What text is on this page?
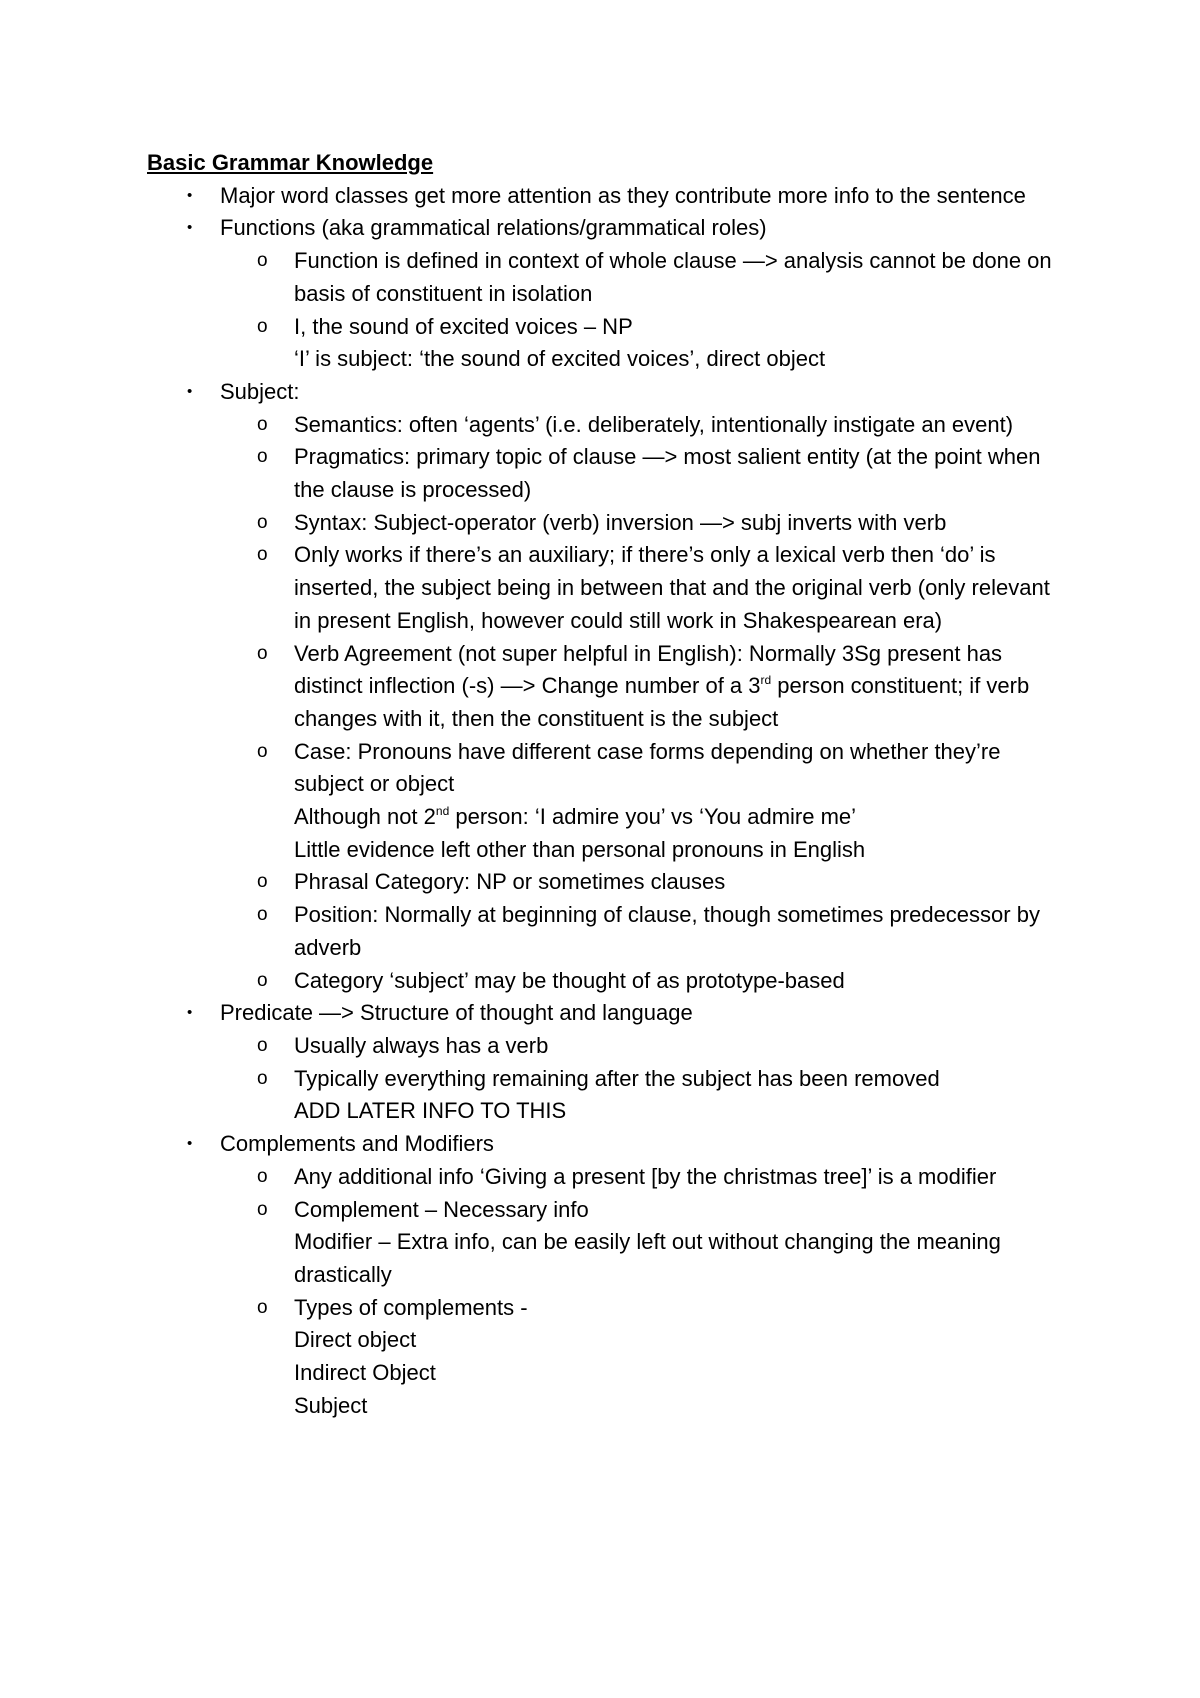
Basic Grammar Knowledge
• Major word classes get more attention as they contribute more info to the sentence
• Functions (aka grammatical relations/grammatical roles)
o Function is defined in context of whole clause —> analysis cannot be done on basis of constituent in isolation
o I, the sound of excited voices – NP
‘I’ is subject: ‘the sound of excited voices’, direct object
• Subject:
o Semantics: often ‘agents’ (i.e. deliberately, intentionally instigate an event)
o Pragmatics: primary topic of clause —> most salient entity (at the point when the clause is processed)
o Syntax: Subject-operator (verb) inversion —> subj inverts with verb
o Only works if there’s an auxiliary; if there’s only a lexical verb then ‘do’ is inserted, the subject being in between that and the original verb (only relevant in present English, however could still work in Shakespearean era)
o Verb Agreement (not super helpful in English): Normally 3Sg present has distinct inflection (-s) —> Change number of a 3rd person constituent; if verb changes with it, then the constituent is the subject
o Case: Pronouns have different case forms depending on whether they’re subject or object
Although not 2nd person: ‘I admire you’ vs ‘You admire me’
Little evidence left other than personal pronouns in English
o Phrasal Category: NP or sometimes clauses
o Position: Normally at beginning of clause, though sometimes predecessor by adverb
o Category ‘subject’ may be thought of as prototype-based
• Predicate —> Structure of thought and language
o Usually always has a verb
o Typically everything remaining after the subject has been removed
ADD LATER INFO TO THIS
• Complements and Modifiers
o Any additional info ‘Giving a present [by the christmas tree]’ is a modifier
o Complement – Necessary info
Modifier – Extra info, can be easily left out without changing the meaning drastically
o Types of complements -
Direct object
Indirect Object
Subject
